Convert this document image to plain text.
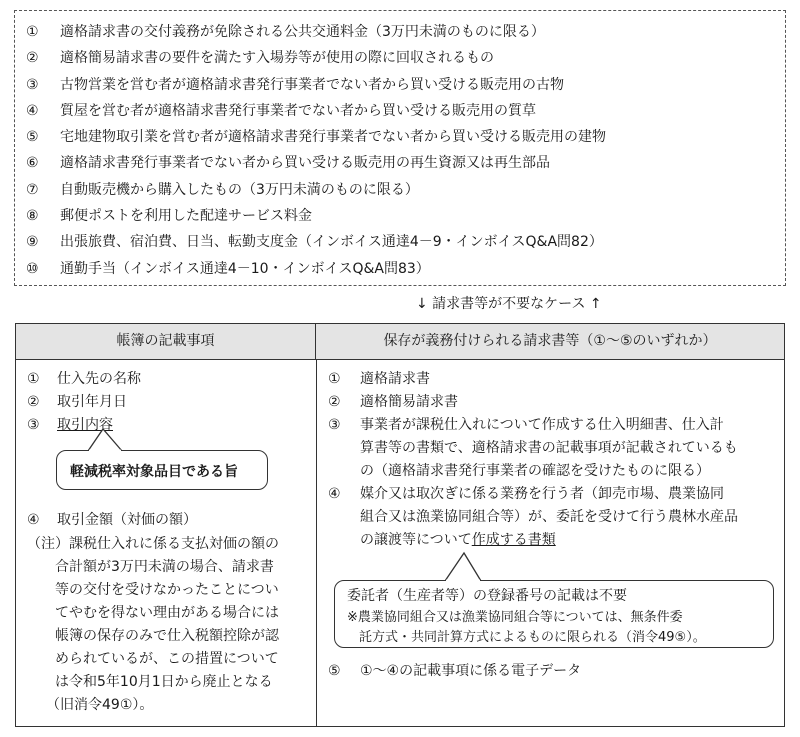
① 適格請求書の交付義務が免除される公共交通料金（3万円未満のものに限る）
② 適格簡易請求書の要件を満たす入場券等が使用の際に回収されるもの
③ 古物営業を営む者が適格請求書発行事業者でない者から買い受ける販売用の古物
④ 質屋を営む者が適格請求書発行事業者でない者から買い受ける販売用の質草
⑤ 宅地建物取引業を営む者が適格請求書発行事業者でない者から買い受ける販売用の建物
⑥ 適格請求書発行事業者でない者から買い受ける販売用の再生資源又は再生部品
⑦ 自動販売機から購入したもの（3万円未満のものに限る）
⑧ 郵便ポストを利用した配達サービス料金
⑨ 出張旅費、宿泊費、日当、転勤支度金（インボイス通達4－9・インボイスQ&A問82）
⑩ 通勤手当（インボイス通達4－10・インボイスQ&A問83）
↓ 請求書等が不要なケース ↑
帳簿の記載事項	保存が義務付けられる請求書等（①～⑤のいずれか）
① 仕入先の名称
② 取引年月日
③ 取引内容
軽減税率対象品目である旨
④ 取引金額（対価の額）
（注）課税仕入れに係る支払対価の額の
合計額が3万円未満の場合、請求書
等の交付を受けなかったことについ
てやむを得ない理由がある場合には
帳簿の保存のみで仕入税額控除が認
められているが、この措置について
は令和5年10月1日から廃止となる
（旧消令49①）。
① 適格請求書
② 適格簡易請求書
③ 事業者が課税仕入れについて作成する仕入明細書、仕入計
算書等の書類で、適格請求書の記載事項が記載されているも
の（適格請求書発行事業者の確認を受けたものに限る）
④ 媒介又は取次ぎに係る業務を行う者（卸売市場、農業協同
組合又は漁業協同組合等）が、委託を受けて行う農林水産品
の譲渡等について作成する書類
委託者（生産者等）の登録番号の記載は不要
※農業協同組合又は漁業協同組合等については、無条件委
託方式・共同計算方式によるものに限られる（消令49⑤）。
⑤ ①～④の記載事項に係る電子データ
